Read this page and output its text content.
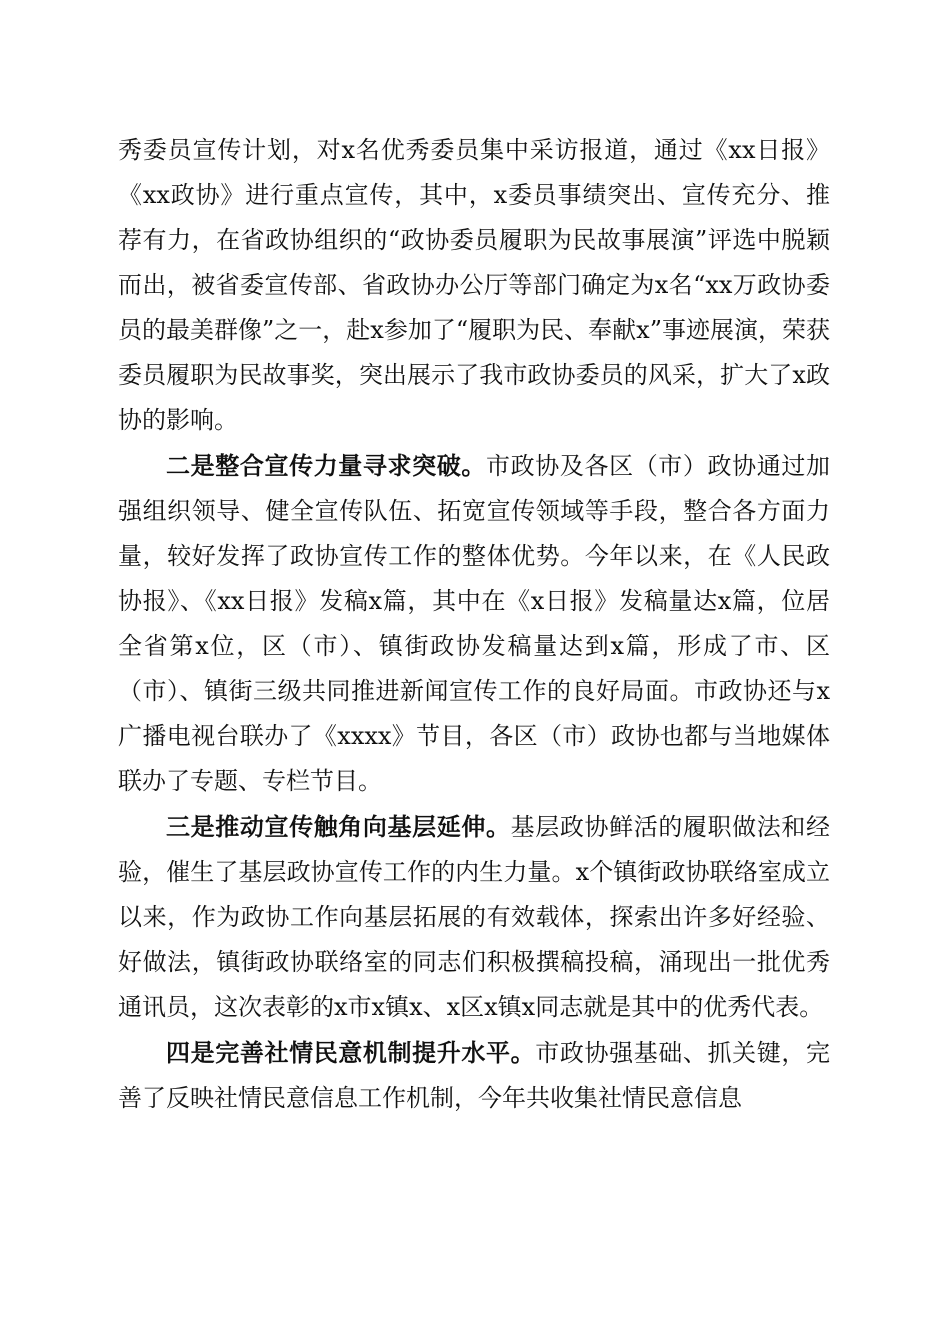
秀委员宣传计划，对x名优秀委员集中采访报道，通过《xx日报》《xx政协》进行重点宣传，其中，x委员事绩突出、宣传充分、推荐有力，在省政协组织的“政协委员履职为民故事展演”评选中脱颖而出，被省委宣传部、省政协办公厅等部门确定为x名“xx万政协委员的最美群像”之一，赴x参加了“履职为民、奉献x”事迹展演，荣获委员履职为民故事奖，突出展示了我市政协委员的风采，扩大了x政协的影响。

二是整合宣传力量寻求突破。市政协及各区（市）政协通过加强组织领导、健全宣传队伍、拓宽宣传领域等手段，整合各方面力量，较好发挥了政协宣传工作的整体优势。今年以来，在《人民政协报》、《xx日报》发稿x篇，其中在《x日报》发稿量达x篇，位居全省第x位，区（市）、镇街政协发稿量达到x篇，形成了市、区（市）、镇街三级共同推进新闻宣传工作的良好局面。市政协还与x广播电视台联办了《xxxx》节目，各区（市）政协也都与当地媒体联办了专题、专栏节目。

三是推动宣传触角向基层延伸。基层政协鲜活的履职做法和经验，催生了基层政协宣传工作的内生力量。x个镇街政协联络室成立以来，作为政协工作向基层拓展的有效载体，探索出许多好经验、好做法，镇街政协联络室的同志们积极撰稿投稿，涌现出一批优秀通讯员，这次表彰的x市x镇x、x区x镇x同志就是其中的优秀代表。

四是完善社情民意机制提升水平。市政协强基础、抓关键，完善了反映社情民意信息工作机制，今年共收集社情民意信息
